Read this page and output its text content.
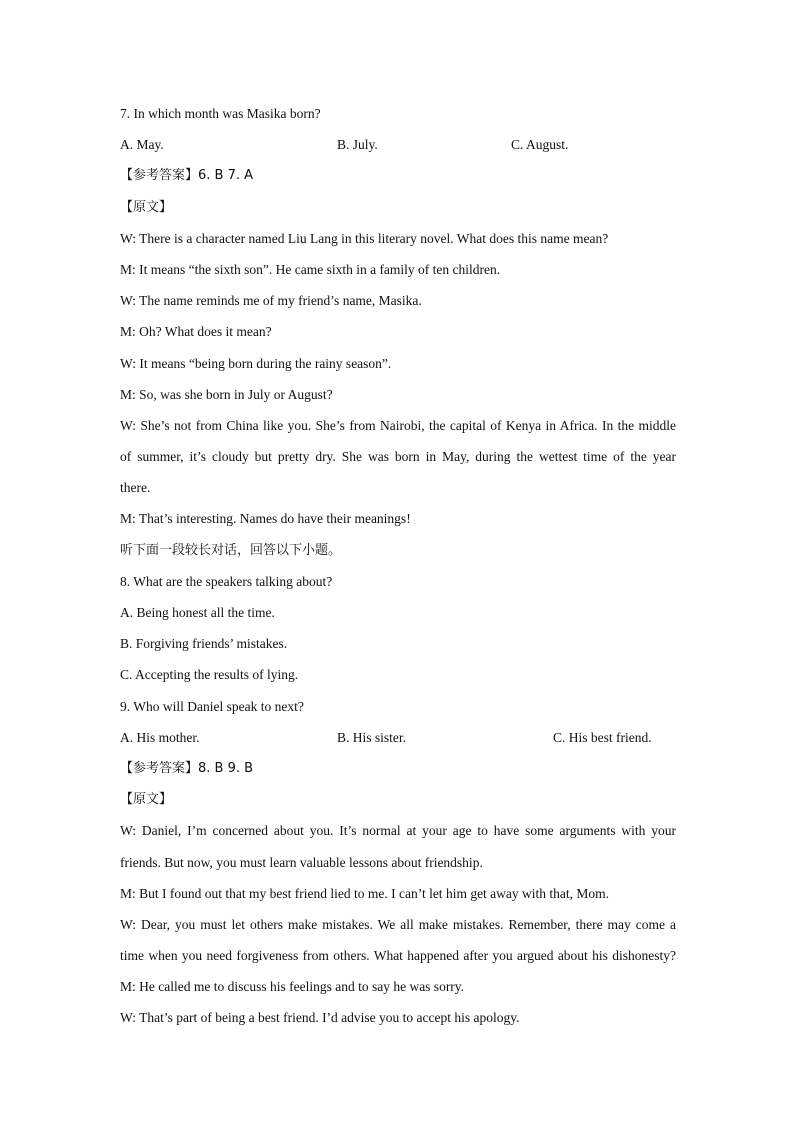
7. In which month was Masika born?
A. May.	B. July.	C. August.
【参考答案】6. B 7. A
【原文】
W: There is a character named Liu Lang in this literary novel. What does this name mean?
M: It means “the sixth son”. He came sixth in a family of ten children.
W: The name reminds me of my friend’s name, Masika.
M: Oh? What does it mean?
W: It means “being born during the rainy season”.
M: So, was she born in July or August?
W: She’s not from China like you. She’s from Nairobi, the capital of Kenya in Africa. In the middle
of summer, it’s cloudy but pretty dry. She was born in May, during the wettest time of the year
there.
M: That’s interesting. Names do have their meanings!
听下面一段较长对话，回答以下小题。
8. What are the speakers talking about?
A. Being honest all the time.
B. Forgiving friends’ mistakes.
C. Accepting the results of lying.
9. Who will Daniel speak to next?
A. His mother.	B. His sister.	C. His best friend.
【参考答案】8. B 9. B
【原文】
W: Daniel, I’m concerned about you. It’s normal at your age to have some arguments with your
friends. But now, you must learn valuable lessons about friendship.
M: But I found out that my best friend lied to me. I can’t let him get away with that, Mom.
W: Dear, you must let others make mistakes. We all make mistakes. Remember, there may come a
time when you need forgiveness from others. What happened after you argued about his dishonesty?
M: He called me to discuss his feelings and to say he was sorry.
W: That’s part of being a best friend. I’d advise you to accept his apology.
